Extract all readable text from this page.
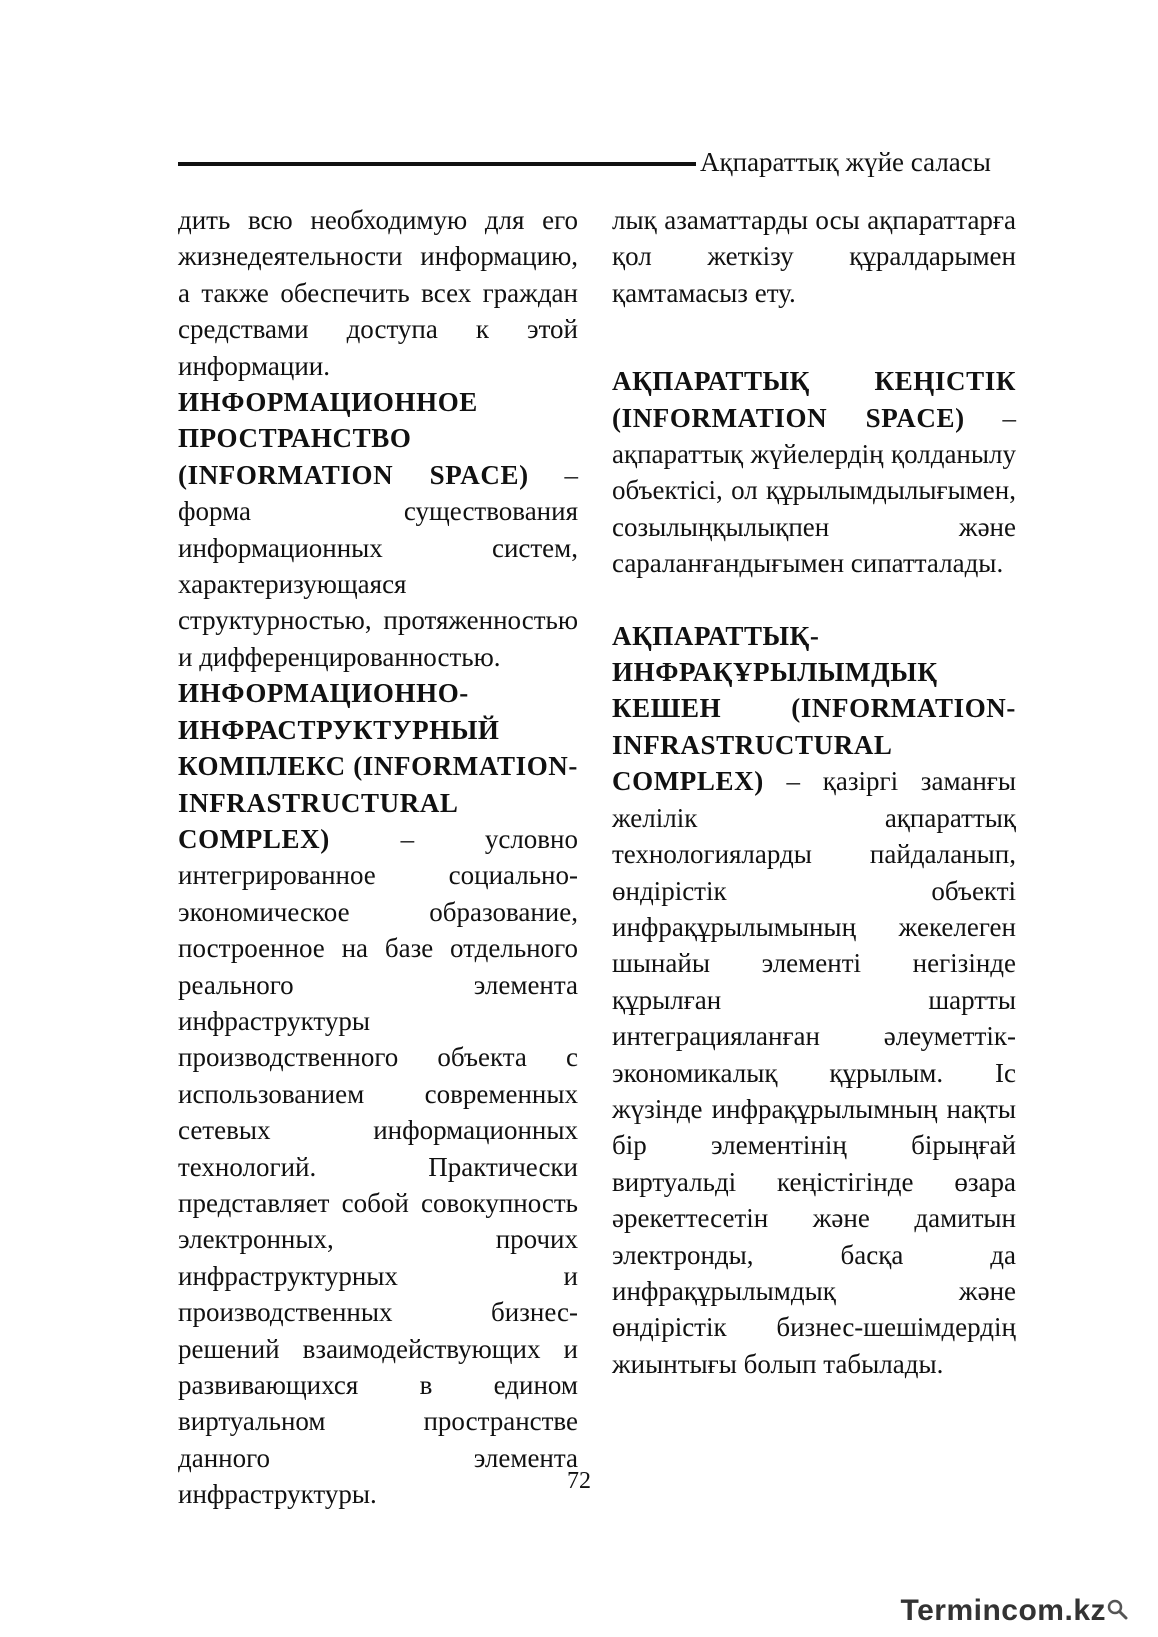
Ақпараттық жүйе саласы

дить всю необходимую для его жизнедеятельности информацию, а также обеспечить всех граждан средствами доступа к этой информации.

ИНФОРМАЦИОННОЕ ПРОСТРАНСТВО (INFORMATION SPACE) – форма существования информационных систем, характеризующаяся структурностью, протяженностью и дифференцированностью.

ИНФОРМАЦИОННО-ИНФРАСТРУКТУРНЫЙ КОМПЛЕКС (INFORMATION-INFRASTRUCTURAL COMPLEX) – условно интегрированное социально-экономическое образование, построенное на базе отдельного реального элемента инфраструктуры производственного объекта с использованием современных сетевых информационных технологий. Практически представляет собой совокупность электронных, прочих инфраструктурных и производственных бизнес-решений взаимодействующих и развивающихся в едином виртуальном пространстве данного элемента инфраструктуры.

лық азаматтарды осы ақпараттарға қол жеткізу құралдарымен қамтамасыз ету.

АҚПАРАТТЫҚ КЕҢІСТІК (INFORMATION SPACE) – ақпараттық жүйелердің қолданылу объектісі, ол құрылымдылығымен, созылыңқылықпен және сараланғандығымен сипатталады.

АҚПАРАТТЫҚ-ИНФРАҚҰРЫЛЫМДЫҚ КЕШЕН (INFORMATION-INFRASTRUCTURAL COMPLEX) – қазіргі заманғы желілік ақпараттық технологияларды пайдаланып, өндірістік объекті инфрақұрылымының жекелеген шынайы элементі негізінде құрылған шартты интеграцияланған әлеуметтік-экономикалық құрылым. Іс жүзінде инфрақұрылымның нақты бір элементінің бірыңғай виртуальді кеңістігінде өзара әрекеттесетін және дамитын электронды, басқа да инфрақұрылымдық және өндірістік бизнес-шешімдердің жиынтығы болып табылады.

72
Termincom.kz
